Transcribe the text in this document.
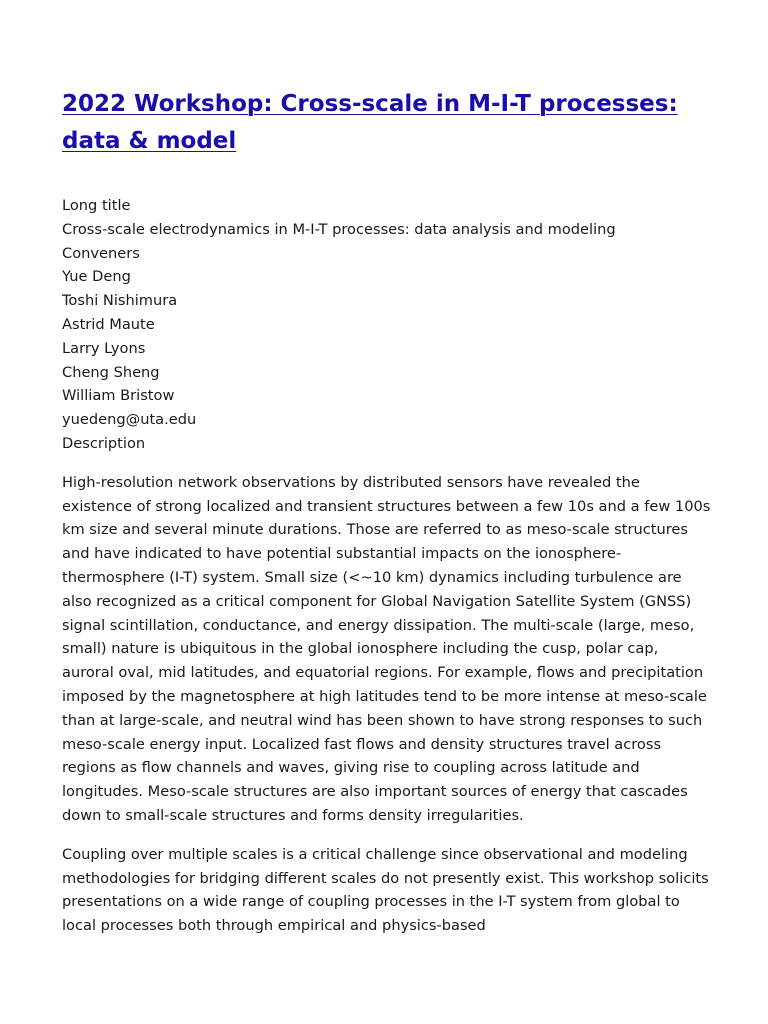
2022 Workshop: Cross-scale in M-I-T processes: data & model
Long title
Cross-scale electrodynamics in M-I-T processes: data analysis and modeling
Conveners
Yue Deng
Toshi Nishimura
Astrid Maute
Larry Lyons
Cheng Sheng
William Bristow
yuedeng@uta.edu
Description

High-resolution network observations by distributed sensors have revealed the existence of strong localized and transient structures between a few 10s and a few 100s km size and several minute durations. Those are referred to as meso-scale structures and have indicated to have potential substantial impacts on the ionosphere-thermosphere (I-T) system. Small size (<~10 km) dynamics including turbulence are also recognized as a critical component for Global Navigation Satellite System (GNSS) signal scintillation, conductance, and energy dissipation. The multi-scale (large, meso, small) nature is ubiquitous in the global ionosphere including the cusp, polar cap, auroral oval, mid latitudes, and equatorial regions. For example, flows and precipitation imposed by the magnetosphere at high latitudes tend to be more intense at meso-scale than at large-scale, and neutral wind has been shown to have strong responses to such meso-scale energy input. Localized fast flows and density structures travel across regions as flow channels and waves, giving rise to coupling across latitude and longitudes. Meso-scale structures are also important sources of energy that cascades down to small-scale structures and forms density irregularities.

Coupling over multiple scales is a critical challenge since observational and modeling methodologies for bridging different scales do not presently exist. This workshop solicits presentations on a wide range of coupling processes in the I-T system from global to local processes both through empirical and physics-based
